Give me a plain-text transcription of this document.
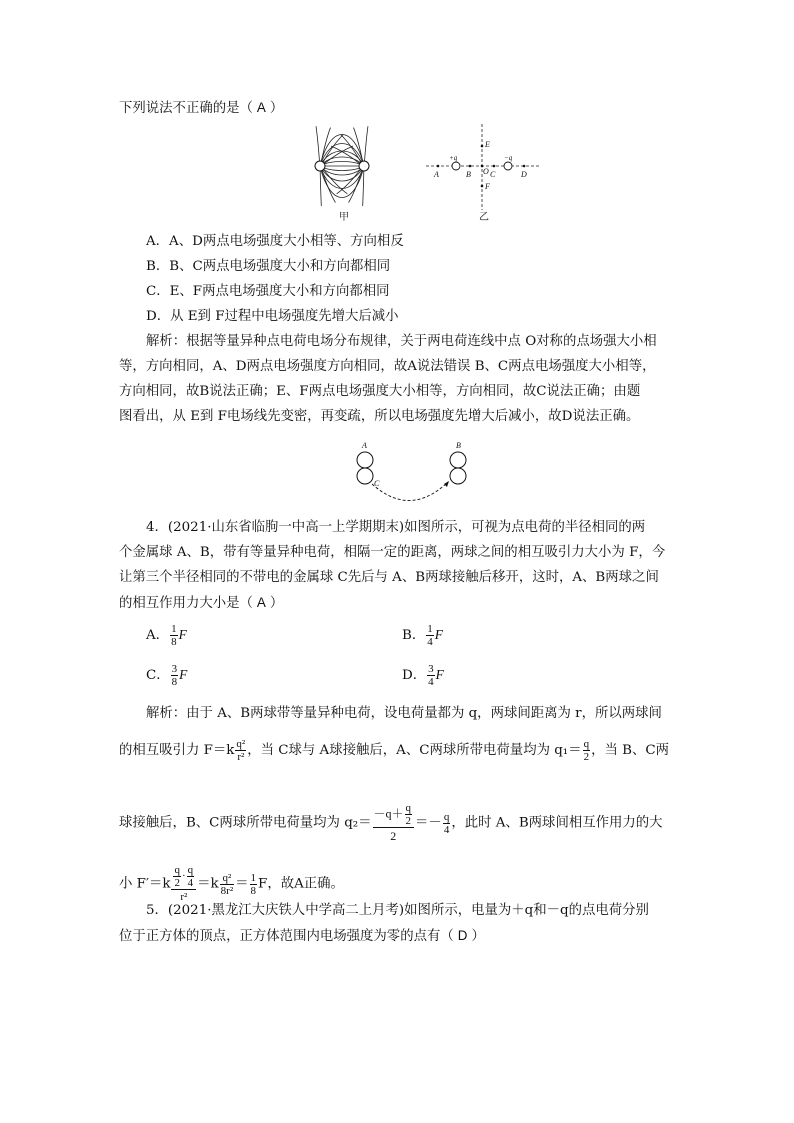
下列说法不正确的是（ A ）
甲
+q	−q
A	B O C	D
E
F
乙
A．A、D两点电场强度大小相等、方向相反
B．B、C两点电场强度大小和方向都相同
C．E、F两点电场强度大小和方向都相同
D．从 E到 F过程中电场强度先增大后减小
解析：根据等量异种点电荷电场分布规律，关于两电荷连线中点 O对称的点场强大小相
等，方向相同，A、D两点电场强度方向相同，故A说法错误 B、C两点电场强度大小相等，
方向相同，故B说法正确；E、F两点电场强度大小相等，方向相同，故C说法正确；由题
图看出，从 E到 F电场线先变密，再变疏，所以电场强度先增大后减小，故D说法正确。
A	B
C
4．(2021·山东省临朐一中高一上学期期末)如图所示，可视为点电荷的半径相同的两
个金属球 A、B，带有等量异种电荷，相隔一定的距离，两球之间的相互吸引力大小为 F，今
让第三个半径相同的不带电的金属球 C先后与 A、B两球接触后移开，这时，A、B两球之间
的相互作用力大小是（ A ）
A． $\frac{1}{8}$ F	B． $\frac{1}{4}$ F
C． $\frac{3}{8}$ F	D． $\frac{3}{4}$ F
解析：由于 A、B两球带等量异种电荷，设电荷量都为 q，两球间距离为 r，所以两球间
的相互吸引力 $F=k \frac{\text{q²}}{\text{r²}}$ ，当 C球与 A球接触后，A、C两球所带电荷量均为 $q_1= \frac{q}{2}$ ，当 B、C两
球接触后，B、C两球所带电荷量均为 $q_2= \frac{-q+ \frac{q}{2}}{2} =- \frac{q}{4}$ ，此时 A、B两球间相互作用力的大
小 $F'=k \frac{\frac{q}{2} \cdot \frac{q}{4}}{\text{r²}} =k \frac{\text{q²}}{\text{8r²}} = \frac{1}{8}$ F，故A正确。
5．(2021·黑龙江大庆铁人中学高二上月考)如图所示，电量为＋q和－q的点电荷分别
位于正方体的顶点，正方体范围内电场强度为零的点有（ D ）
